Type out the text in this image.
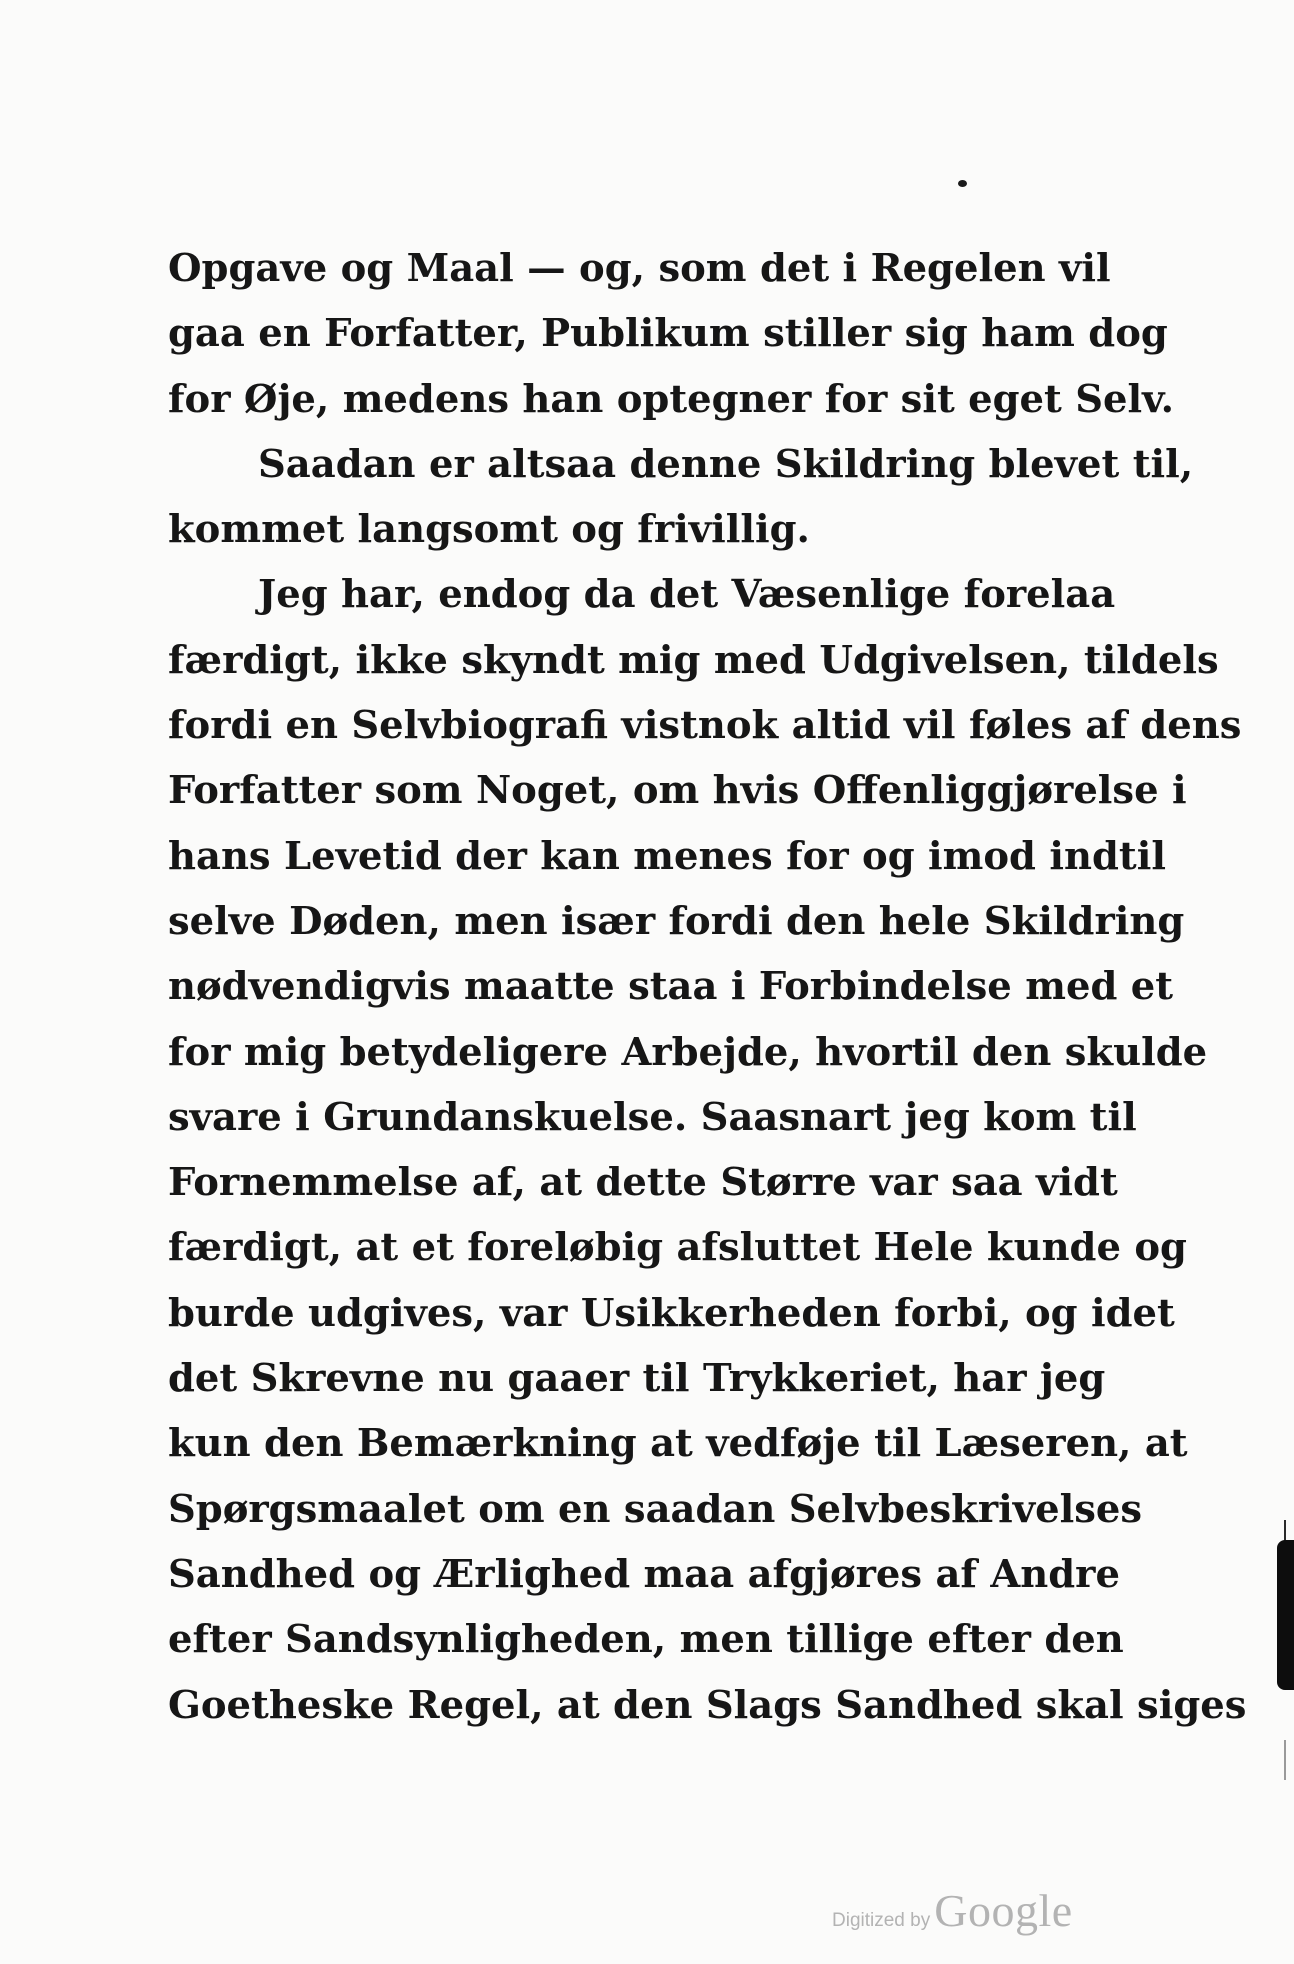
Opgave og Maal — og, som det i Regelen vil
gaa en Forfatter, Publikum stiller sig ham dog
for Øje, medens han optegner for sit eget Selv.
Saadan er altsaa denne Skildring blevet til,
kommet langsomt og frivillig.
Jeg har, endog da det Væsenlige forelaa
færdigt, ikke skyndt mig med Udgivelsen, tildels
fordi en Selvbiografi vistnok altid vil føles af dens
Forfatter som Noget, om hvis Offenliggjørelse i
hans Levetid der kan menes for og imod indtil
selve Døden, men især fordi den hele Skildring
nødvendigvis maatte staa i Forbindelse med et
for mig betydeligere Arbejde, hvortil den skulde
svare i Grundanskuelse. Saasnart jeg kom til
Fornemmelse af, at dette Større var saa vidt
færdigt, at et foreløbig afsluttet Hele kunde og
burde udgives, var Usikkerheden forbi, og idet
det Skrevne nu gaaer til Trykkeriet, har jeg
kun den Bemærkning at vedføje til Læseren, at
Spørgsmaalet om en saadan Selvbeskrivelses
Sandhed og Ærlighed maa afgjøres af Andre
efter Sandsynligheden, men tillige efter den
Goetheske Regel, at den Slags Sandhed skal siges
Digitized by Google
